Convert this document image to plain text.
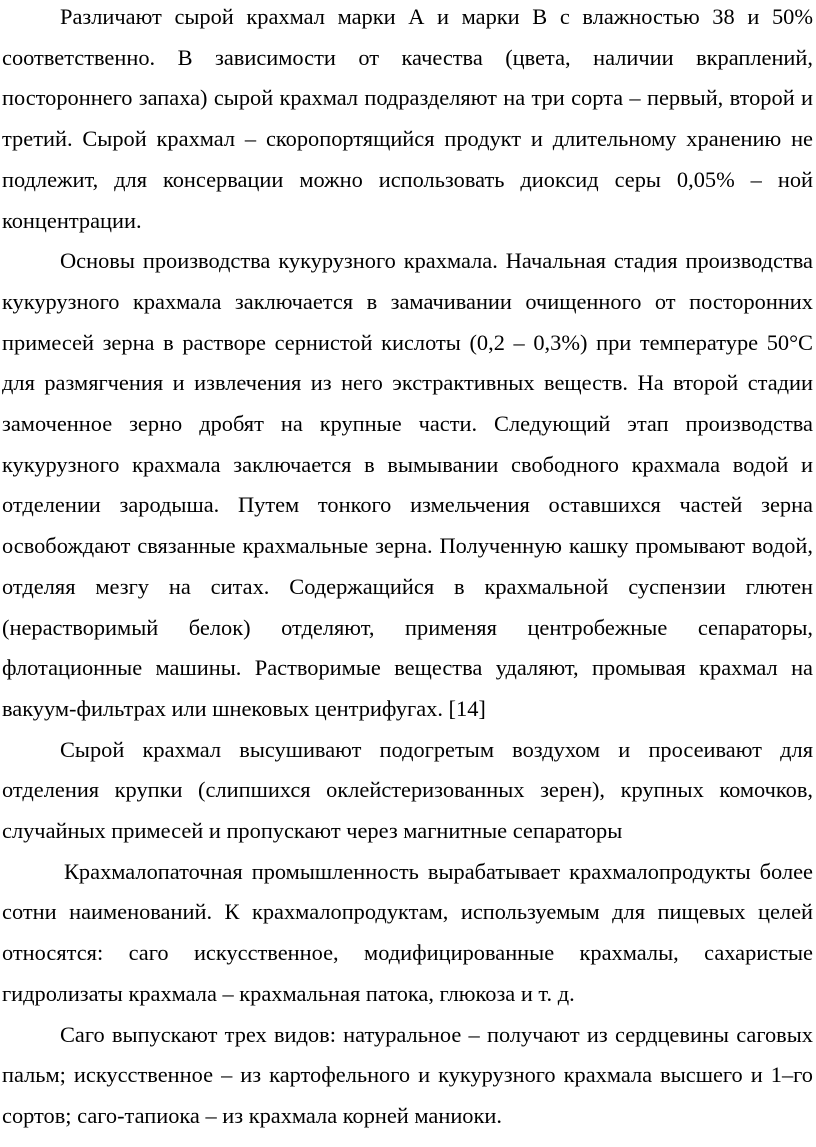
Различают сырой крахмал марки А и марки В с влажностью 38 и 50% соответственно. В зависимости от качества (цвета, наличии вкраплений, постороннего запаха) сырой крахмал подразделяют на три сорта – первый, второй и третий. Сырой крахмал – скоропортящийся продукт и длительному хранению не подлежит, для консервации можно использовать диоксид серы 0,05% – ной концентрации.

Основы производства кукурузного крахмала. Начальная стадия производства кукурузного крахмала заключается в замачивании очищенного от посторонних примесей зерна в растворе сернистой кислоты (0,2 – 0,3%) при температуре 50°С для размягчения и извлечения из него экстрактивных веществ. На второй стадии замоченное зерно дробят на крупные части. Следующий этап производства кукурузного крахмала заключается в вымывании свободного крахмала водой и отделении зародыша. Путем тонкого измельчения оставшихся частей зерна освобождают связанные крахмальные зерна. Полученную кашку промывают водой, отделяя мезгу на ситах. Содержащийся в крахмальной суспензии глютен (нерастворимый белок) отделяют, применяя центробежные сепараторы, флотационные машины. Растворимые вещества удаляют, промывая крахмал на вакуум-фильтрах или шнековых центрифугах. [14]

Сырой крахмал высушивают подогретым воздухом и просеивают для отделения крупки (слипшихся оклейстеризованных зерен), крупных комочков, случайных примесей и пропускают через магнитные сепараторы

Крахмалопаточная промышленность вырабатывает крахмалопродукты более сотни наименований. К крахмалопродуктам, используемым для пищевых целей относятся: саго искусственное, модифицированные крахмалы, сахаристые гидролизаты крахмала – крахмальная патока, глюкоза и т. д.

Саго выпускают трех видов: натуральное – получают из сердцевины саговых пальм; искусственное – из картофельного и кукурузного крахмала высшего и 1–го сортов; саго-тапиока – из крахмала корней маниоки.
